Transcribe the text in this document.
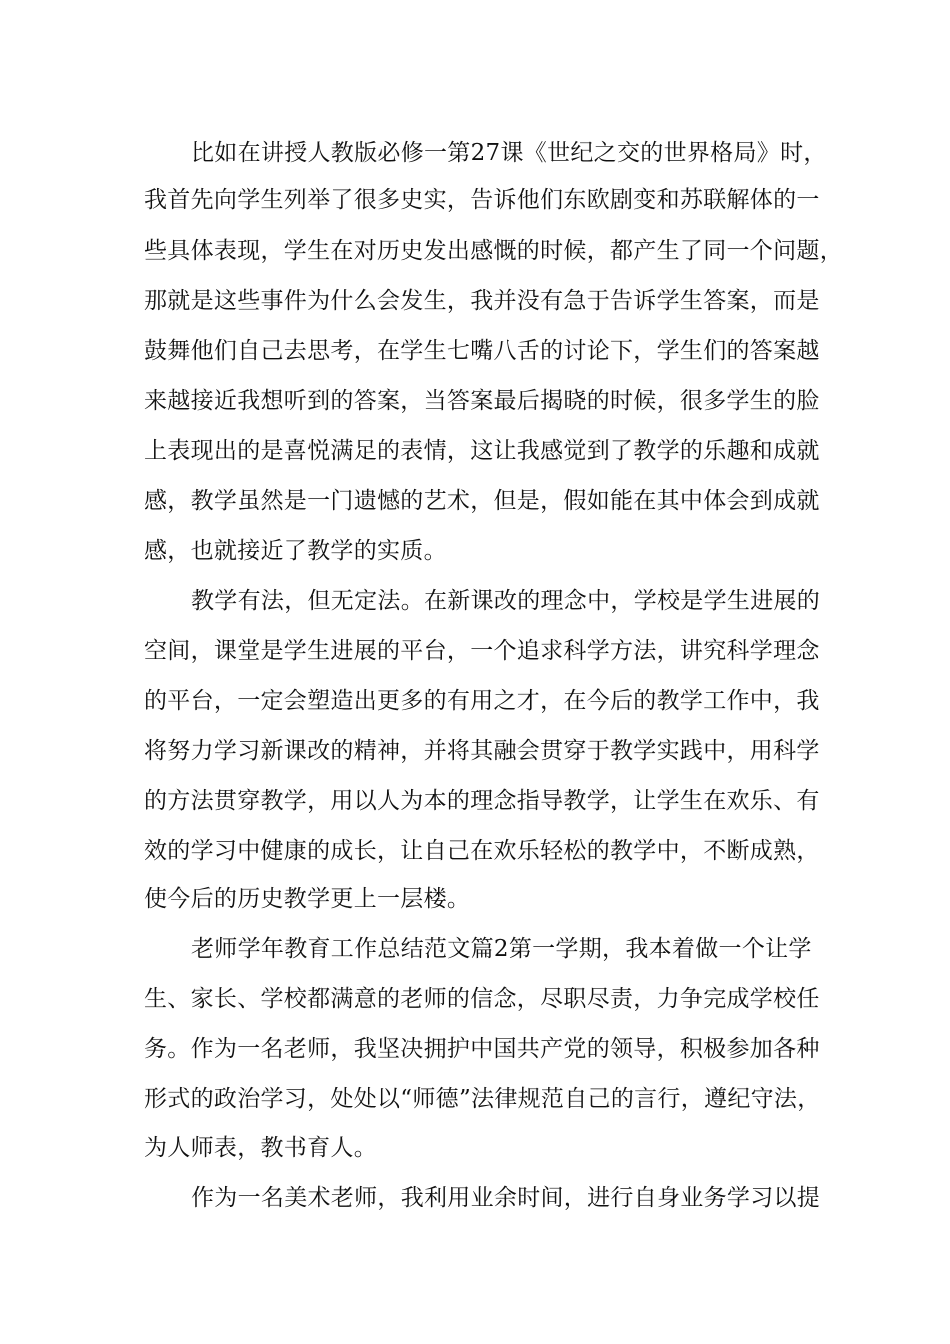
比如在讲授人教版必修一第27课《世纪之交的世界格局》时，
我首先向学生列举了很多史实，告诉他们东欧剧变和苏联解体的一
些具体表现，学生在对历史发出感慨的时候，都产生了同一个问题，
那就是这些事件为什么会发生，我并没有急于告诉学生答案，而是
鼓舞他们自己去思考，在学生七嘴八舌的讨论下，学生们的答案越
来越接近我想听到的答案，当答案最后揭晓的时候，很多学生的脸
上表现出的是喜悦满足的表情，这让我感觉到了教学的乐趣和成就
感，教学虽然是一门遗憾的艺术，但是，假如能在其中体会到成就
感，也就接近了教学的实质。
教学有法，但无定法。在新课改的理念中，学校是学生进展的
空间，课堂是学生进展的平台，一个追求科学方法，讲究科学理念
的平台，一定会塑造出更多的有用之才，在今后的教学工作中，我
将努力学习新课改的精神，并将其融会贯穿于教学实践中，用科学
的方法贯穿教学，用以人为本的理念指导教学，让学生在欢乐、有
效的学习中健康的成长，让自己在欢乐轻松的教学中，不断成熟，
使今后的历史教学更上一层楼。
老师学年教育工作总结范文篇2第一学期，我本着做一个让学
生、家长、学校都满意的老师的信念，尽职尽责，力争完成学校任
务。作为一名老师，我坚决拥护中国共产党的领导，积极参加各种
形式的政治学习，处处以“师德”法律规范自己的言行，遵纪守法，
为人师表，教书育人。
作为一名美术老师，我利用业余时间，进行自身业务学习以提
